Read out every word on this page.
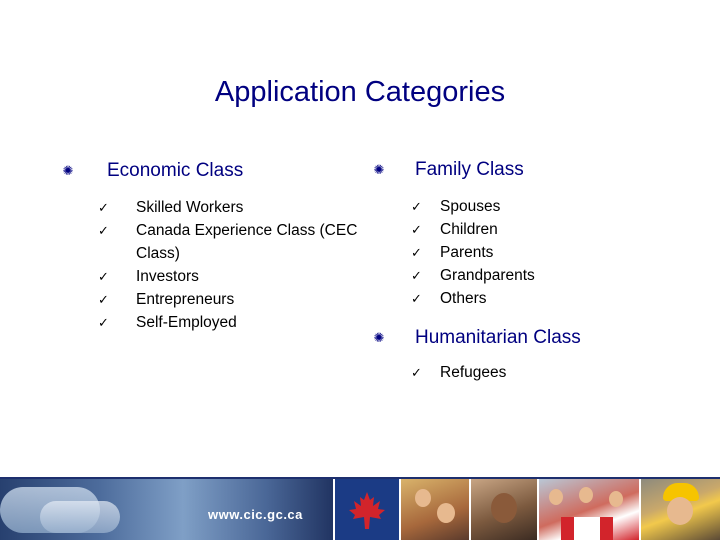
Application Categories
✺ Economic Class
✓	Skilled Workers
✓	Canada Experience Class (CEC Class)
✓	Investors
✓	Entrepreneurs
✓	Self-Employed
✺ Family Class
✓	Spouses
✓	Children
✓	Parents
✓	Grandparents
✓	Others
✺ Humanitarian Class
✓	Refugees
www.cic.gc.ca
